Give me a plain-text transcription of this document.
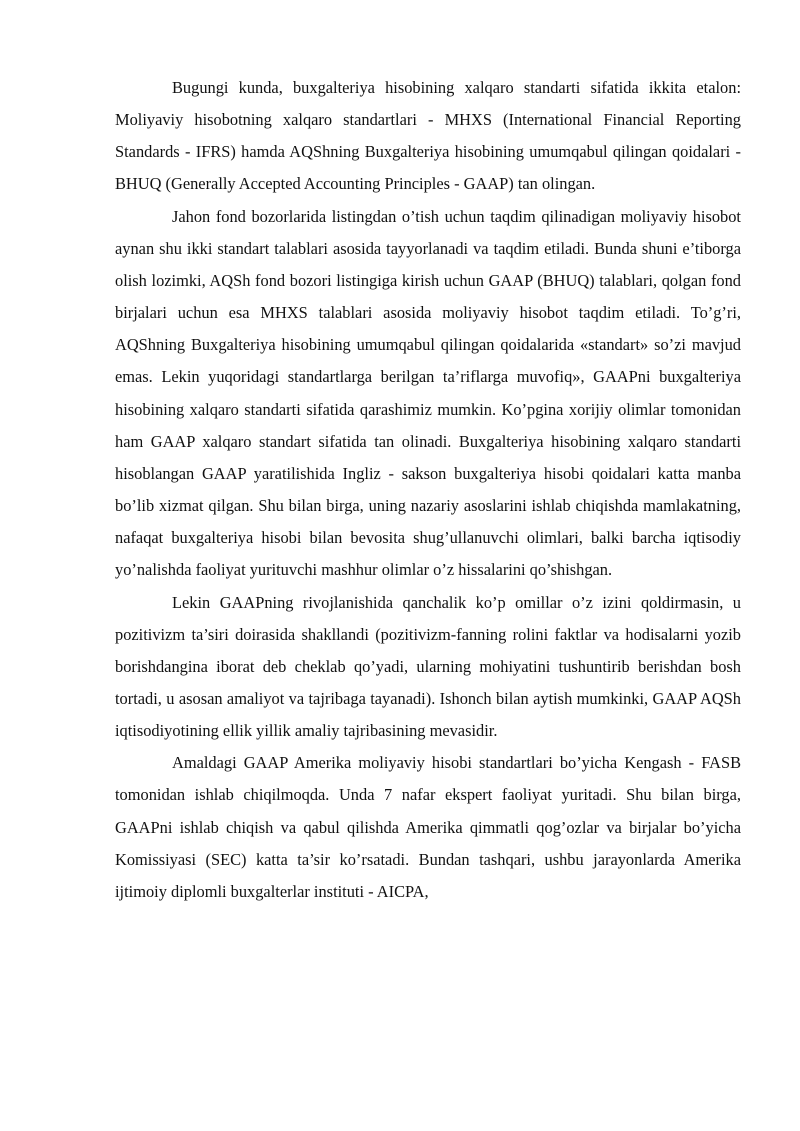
Bugungi kunda, buxgalteriya hisobining xalqaro standarti sifatida ikkita etalon: Moliyaviy hisobotning xalqaro standartlari - MHXS (International Financial Reporting Standards - IFRS) hamda AQShning Buxgalteriya hisobining umumqabul qilingan qoidalari - BHUQ (Generally Accepted Accounting Principles - GAAP) tan olingan.

Jahon fond bozorlarida listingdan o’tish uchun taqdim qilinadigan moliyaviy hisobot aynan shu ikki standart talablari asosida tayyorlanadi va taqdim etiladi. Bunda shuni e’tiborga olish lozimki, AQSh fond bozori listingiga kirish uchun GAAP (BHUQ) talablari, qolgan fond birjalari uchun esa MHXS talablari asosida moliyaviy hisobot taqdim etiladi. To’g’ri, AQShning Buxgalteriya hisobining umumqabul qilingan qoidalarida «standart» so’zi mavjud emas. Lekin yuqoridagi standartlarga berilgan ta’riflarga muvofiq», GAAPni buxgalteriya hisobining xalqaro standarti sifatida qarashimiz mumkin. Ko’pgina xorijiy olimlar tomonidan ham GAAP xalqaro standart sifatida tan olinadi. Buxgalteriya hisobining xalqaro standarti hisoblangan GAAP yaratilishida Ingliz - sakson buxgalteriya hisobi qoidalari katta manba bo’lib xizmat qilgan. Shu bilan birga, uning nazariy asoslarini ishlab chiqishda mamlakatning, nafaqat buxgalteriya hisobi bilan bevosita shug’ullanuvchi olimlari, balki barcha iqtisodiy yo’nalishda faoliyat yurituvchi mashhur olimlar o’z hissalarini qo’shishgan.

Lekin GAAPning rivojlanishida qanchalik ko’p omillar o’z izini qoldirmasin, u pozitivizm ta’siri doirasida shakllandi (pozitivizm-fanning rolini faktlar va hodisalarni yozib borishdangina iborat deb cheklab qo’yadi, ularning mohiyatini tushuntirib berishdan bosh tortadi, u asosan amaliyot va tajribaga tayanadi). Ishonch bilan aytish mumkinki, GAAP AQSh iqtisodiyotining ellik yillik amaliy tajribasining mevasidir.

Amaldagi GAAP Amerika moliyaviy hisobi standartlari bo’yicha Kengash - FASB tomonidan ishlab chiqilmoqda. Unda 7 nafar ekspert faoliyat yuritadi. Shu bilan birga, GAAPni ishlab chiqish va qabul qilishda Amerika qimmatli qog’ozlar va birjalar bo’yicha Komissiyasi (SEC) katta ta’sir ko’rsatadi. Bundan tashqari, ushbu jarayonlarda Amerika ijtimoiy diplomli buxgalterlar instituti - AICPA,
